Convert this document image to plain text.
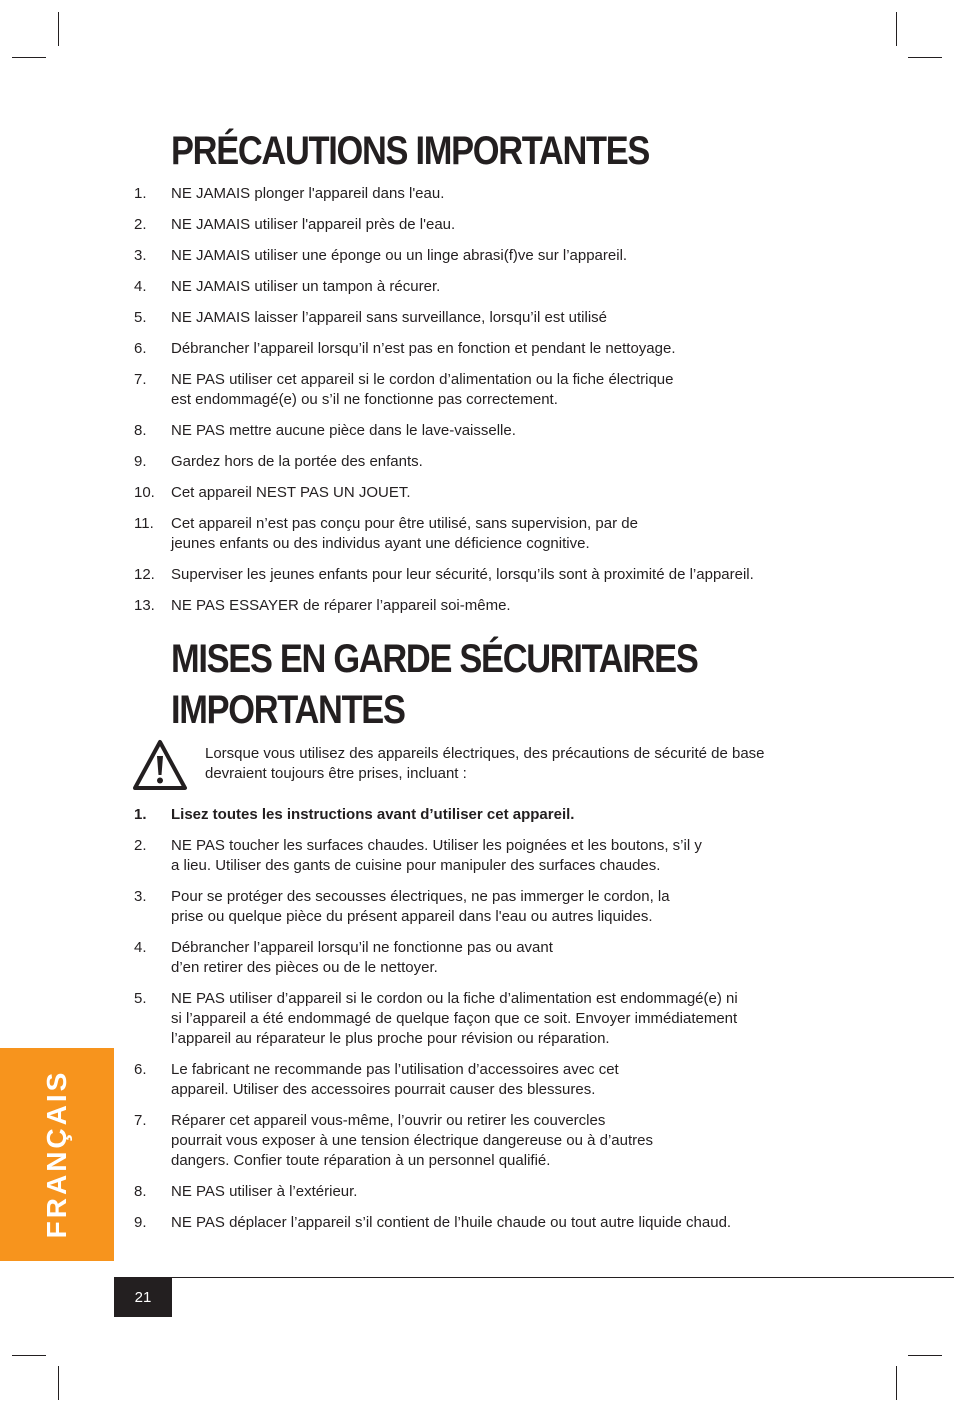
PRÉCAUTIONS IMPORTANTES
1.	NE JAMAIS plonger l'appareil dans l'eau.
2.	NE JAMAIS utiliser l'appareil près de l'eau.
3.	NE JAMAIS utiliser une éponge ou un linge abrasi(f)ve sur l’appareil.
4.	NE JAMAIS utiliser un tampon à récurer.
5.	NE JAMAIS laisser l’appareil sans surveillance, lorsqu’il est utilisé
6.	Débrancher l’appareil lorsqu’il n’est pas en fonction et pendant le nettoyage.
7.	NE PAS utiliser cet appareil si le cordon d’alimentation ou la fiche électrique
est endommagé(e) ou s’il ne fonctionne pas correctement.
8.	NE PAS mettre aucune pièce dans le lave-vaisselle.
9.	Gardez hors de la portée des enfants.
10.	Cet appareil NEST PAS UN JOUET.
11.	Cet appareil n’est pas conçu pour être utilisé, sans supervision, par de
jeunes enfants ou des individus ayant une déficience cognitive.
12.	Superviser les jeunes enfants pour leur sécurité, lorsqu’ils sont à proximité de l’appareil.
13.	NE PAS ESSAYER de réparer l’appareil soi-même.
MISES EN GARDE SÉCURITAIRES
IMPORTANTES
Lorsque vous utilisez des appareils électriques, des précautions de sécurité de base
devraient toujours être prises, incluant :
1.	Lisez toutes les instructions avant d’utiliser cet appareil.
2.	NE PAS toucher les surfaces chaudes. Utiliser les poignées et les boutons, s’il y
a lieu. Utiliser des gants de cuisine pour manipuler des surfaces chaudes.
3.	Pour se protéger des secousses électriques, ne pas immerger le cordon, la
prise ou quelque pièce du présent appareil dans l'eau ou autres liquides.
4.	Débrancher l’appareil lorsqu’il ne fonctionne pas ou avant
d’en retirer des pièces ou de le nettoyer.
5.	NE PAS utiliser d’appareil si le cordon ou la fiche d’alimentation est endommagé(e) ni
si l’appareil a été endommagé de quelque façon que ce soit. Envoyer immédiatement
l’appareil au réparateur le plus proche pour révision ou réparation.
6.	Le fabricant ne recommande pas l’utilisation d’accessoires avec cet
appareil. Utiliser des accessoires pourrait causer des blessures.
7.	Réparer cet appareil vous-même, l’ouvrir ou retirer les couvercles
pourrait vous exposer à une tension électrique dangereuse ou à d’autres
dangers. Confier toute réparation à un personnel qualifié.
8.	NE PAS utiliser à l’extérieur.
9.	NE PAS déplacer l’appareil s’il contient de l’huile chaude ou tout autre liquide chaud.
FRANÇAIS
21
